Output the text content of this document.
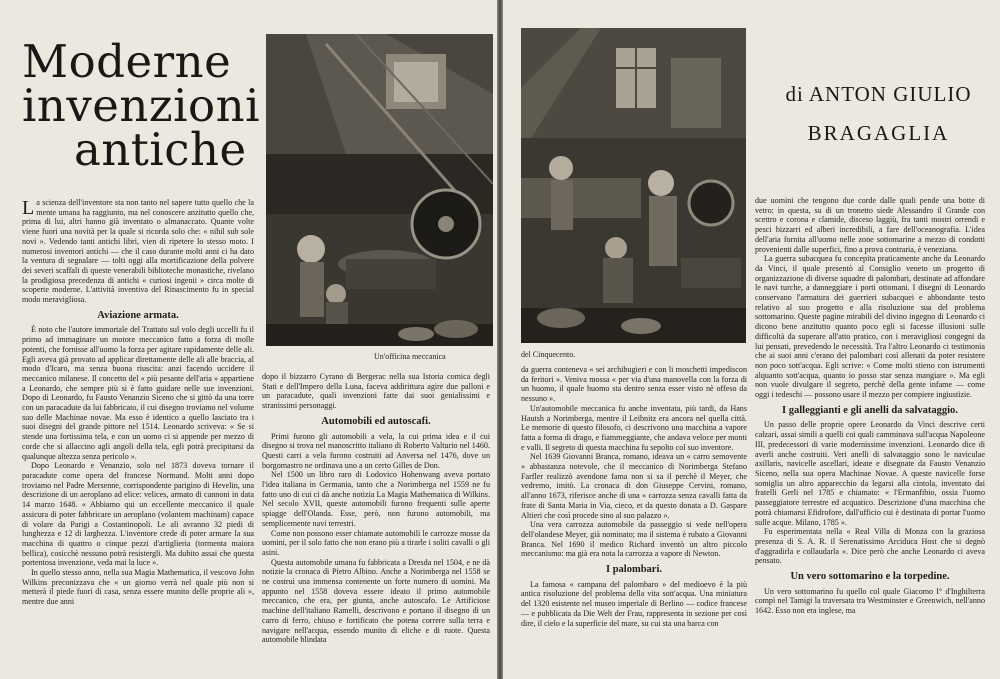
Moderne
invenzioni
antiche
Un'officina meccanica

La scienza dell'inventore sta non tanto nel sapere tutto quello che la mente umana ha raggiunto, ma nel conoscere anzitutto quello che, prima di lui, altri hanno già inventato o almanaccato. Quante volte viene fuori una novità per la quale si ricorda solo che: « nihil sub sole novi ». Vedendo tanti antichi libri, vien di ripetere lo stesso moto. I numerosi inventori antichi — che il caso durante molti anni ci ha dato la ventura di segnalare — tolti oggi alla mortificazione della polvere dei severi scaffali di queste venerabili biblioteche monastiche, rivelano la prodigiosa precedenza di antichi « curiosi ingenii » circa molte di scoperte moderne. L'attività inventiva del Rinascimento fu in special modo meravigliosa.

Aviazione armata.

È noto che l'autore immortale del Trattato sul volo degli uccelli fu il primo ad immaginare un motore meccanico fatto a forza di molle potenti, che fornisse all'uomo la forza per agitare rapidamente delle ali. Egli aveva già provato ad applicar direttamente delle ali alle braccia, al modo d'Icaro, ma senza buona riuscita: anzi facendo uccidere il meccanico milanese. Il concetto del « più pesante dell'aria » appartiene a Leonardo, che sempre più si è fatto guidare nelle sue invenzioni. Dopo di Leonardo, fu Fausto Venanzio Siceno che si gittò da una torre con un paracadute da lui fabbricato, il cui disegno troviamo nel volume suo delle Machinae novae. Ma esso è identico a quello lasciato tra i suoi disegni del grande pittore nel 1514. Leonardo scriveva: « Se si stende una fortissima tela, e con un uomo ci si appende per mezzo di corde che si allaccino agli angoli della tela, egli potrà precipitarsi da qualunque altezza senza pericolo ».

Dopo Leonardo e Venanzio, solo nel 1873 doveva tornare il paracadute come opera del francese Normand. Molti anni dopo troviamo nel Padre Mersenne, corrispondente parigino di Hevelin, una descrizione di un aeroplano ad elice: velices, armato di cannoni in data 14 marzo 1648. « Abbiamo qui un eccellente meccanico il quale assicura di poter fabbricare un aeroplano (volantem machinam) capace di volare da Parigi a Costantinopoli. Le ali avranno 32 piedi di lunghezza e 12 di larghezza. L'inventore crede di poter armare la sua macchina di quattro o cinque pezzi d'artiglieria (tormenta maiora bellica), cosicchè nessuno potrà resistergli. Ma dubito assai che questa portentosa invenzione, veda mai la luce ».

In quello stesso anno, nella sua Magia Mathematica, il vescovo John Wilkins preconizzava che « un giorno verrà nel quale più non si metterà il piede fuori di casa, senza essere munito delle proprie ali », mentre due anni

dopo il bizzarro Cyrano di Bergerac nella sua Istoria comica degli Stati e dell'Impero della Luna, faceva addirittura agire due palloni e un paracadute, quali invenzioni fatte dai suoi genialissimi e stranissimi personaggi.

Automobili ed autoscafi.

Primi furono gli automobili a vela, la cui prima idea e il cui disegno si trova nel manoscritto italiano di Roberto Valturio nel 1460. Questi carri a vela furono costruiti ad Anversa nel 1476, dove un borgomastro ne ordinava uno a un certo Gilles de Don.

Nel 1500 un libro raro di Lodovico Hohenwang aveva portato l'idea italiana in Germania, tanto che a Norimberga nel 1559 ne fu fatto uno di cui ci dà anche notizia La Magia Mathematica di Wilkins. Nel secolo XVII, queste automobili furono frequenti sulle aperte spiagge dell'Olanda. Esse, però, non furono automobili, ma semplicemente navi terrestri.

Come non possono esser chiamate automobili le carrozze mosse da uomini, per il solo fatto che non erano più a tirarle i soliti cavalli o gli asini.

Questa automobile umana fu fabbricata a Dresda nel 1504, e ne dà notizie la cronaca di Pietro Albino. Anche a Norimberga nel 1558 se ne costruì una immensa contenente un forte numero di uomini. Ma appunto nel 1558 doveva essere ideato il primo automobile meccanico, che era, per giunta, anche autoscafo. Le Artificiose machine dell'italiano Ramelli, descrivono e portano il disegno di un carro di ferro, chiuso e fortificato che potева correre sulla terra e navigare nell'acqua, essendo munito di eliche e di ruote. Questa automobile blindata

del Cinquecento.
di ANTON GIULIO
BRAGAGLIA

da guerra conteneva « sei archibugieri e con li moschetti impediscon da feritori ». Veniva mossa « per via d'una manovella con la forza di un huomo, il quale huomo sta dentro senza esser visto nè offeso da nessuno ».

Un'automobile meccanica fu anche inventata, più tardi, da Hans Hautsh a Norimberga, mentre il Leibnitz era ancora nel quella città. Le memorie di questo filosofo, ci descrivono una macchina a vapore fatta a forma di drago, e fiammeggiante, che andava veloce per monti e valli. Il segreto di questa macchina fu sepolto col suo inventore.

Nel 1639 Giovanni Branca, romano, ideava un « carro semovente » abbastanza notevole, che il meccanico di Norimberga Stefano Farfler realizzò avendone fama non si sa il perchè il Meyer, che vedremo, imitò. La cronaca di don Giuseppe Cervini, romano, all'anno 1673, riferisce anche di una « carrozza senza cavalli fatta da frate di Santa Maria in Via, cieco, et da questo donata a D. Gaspare Altieri che così procede sino al suo palazzo ».

Una vera carrozza automobile da passeggio si vede nell'opera dell'olandese Meyer, già nominato; ma il sistema è rubato a Giovanni Branca. Nel 1690 il medico Richard inventò un altro piccolo meccanismo: ma già era nota la carrozza a vapore di Newton.

I palombari.

La famosa « campana del palombaro » del medioevo è la più antica risoluzione del problema della vita sott'acqua. Una miniatura del 1320 esistente nel museo imperiale di Berlino — codice francese — e pubblicata da Die Welt der Frau, rappresenta in sezione per così dire, il cielo e la superficie del mare, su cui sta una barca con

due uomini che tengono due corde dalle quali pende una botte di vetro: in questa, su di un tronetto siede Alessandro il Grande con scettro e corona e clamide, disceso laggiù, fra tanti mostri orrendi e pesci bizzarri ed alberi incredibili, a fare dell'oceanografia. L'idea dell'aria fornita all'uomo nelle zone sottomarine a mezzo di condotti provenienti dalle superfici, fino a prova contraria, è veneziana.

La guerra subacquea fu concepita praticamente anche da Leonardo da Vinci, il quale presentò al Consiglio veneto un progetto di organizzazione di diverse squadre di palombari, destinate ad affondare le navi turche, a danneggiare i porti ottomani. I disegni di Leonardo conservano l'armatura dei guerrieri subacquei e abbondante testo relativo al suo progetto e alla risoluzione sua del problema sottomarino. Queste pagine mirabili del divino ingegno di Leonardo ci dicono bene anzitutto quanto poco egli si facesse illusioni sulle difficoltà da superare all'atto pratico, con i meravigliosi congegni da lui pensati, prevedendo le necessità. Tra l'altro Leonardo ci testimonia che ai suoi anni c'erano dei palombari così allenati da poter resistere non poco sott'acqua. Egli scrive: « Come molti stieno con istrumenti alquanto sott'acqua, quanto io posso star senza mangiare ». Ma egli non vuole divulgare il segreto, perchè della gente infame — come oggi i tedeschi — possono usare il mezzo per compiere ingiustizie.

I galleggianti e gli anelli da salvataggio.

Un passo delle proprie opere Leonardo da Vinci descrive certi calzari, assai simili a quelli coi quali camminava sull'acqua Napoleone III, predecessori di varie modernissime invenzioni. Leonardo dice di averli anche costruiti. Veri anelli di salvataggio sono le naviculae axillaris, navicelle ascellari, ideate e disegnate da Fausto Venanzio Siceno, nella sua opera Machinae Novae. A queste navicelle forse somiglia un altro apparecchio da legarsi alla cintola, inventato dai fratelli Gerli nel 1785 e chiamato: « l'Ermanfibio, ossia l'uomo passeggiatore terrestre ed acquatico. Descrizione d'una macchina che potrà chiamarsi Efidrofore, dall'ufficio cui è destinata di portar l'uomo sulle acque. Milano, 1785 ».

Fu esperimentata nella « Real Villa di Monza con la graziosa presenza di S. A. R. il Serenatissimo Arciduca Host che si degnò d'aggradirla e collaudarla ». Dice però che anche Leonardo ci aveva pensato.

Un vero sottomarino e la torpedine.

Un vero sottomarino fu quello col quale Giacomo I° d'Inghilterra compì nel Tamigi la traversata tra Westminster e Greenwich, nell'anno 1642. Esso non era inglese, ma
